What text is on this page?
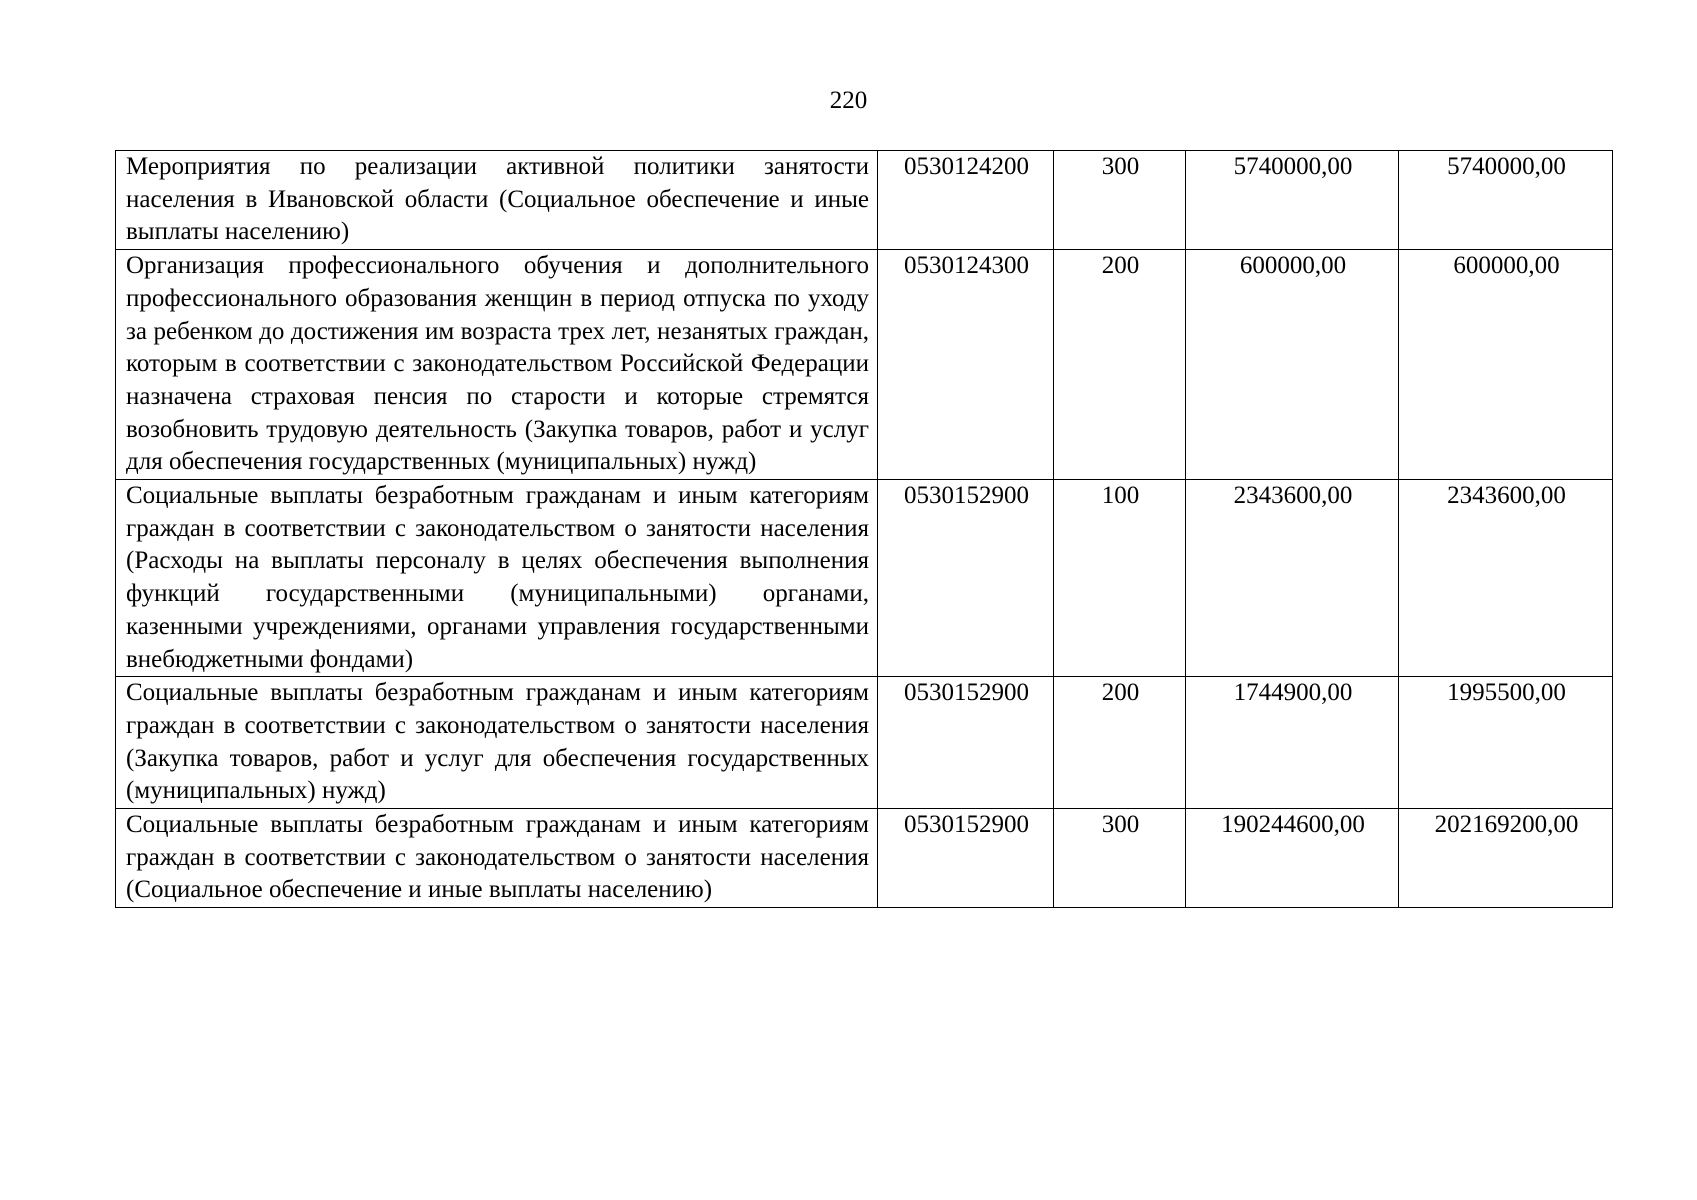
220
Мероприятия по реализации активной политики занятости населения в Ивановской области (Социальное обеспечение и иные выплаты населению)	0530124200	300	5740000,00	5740000,00
Организация профессионального обучения и дополнительного профессионального образования женщин в период отпуска по уходу за ребенком до достижения им возраста трех лет, незанятых граждан, которым в соответствии с законодательством Российской Федерации назначена страховая пенсия по старости и которые стремятся возобновить трудовую деятельность (Закупка товаров, работ и услуг для обеспечения государственных (муниципальных) нужд)	0530124300	200	600000,00	600000,00
Социальные выплаты безработным гражданам и иным категориям граждан в соответствии с законодательством о занятости населения (Расходы на выплаты персоналу в целях обеспечения выполнения функций государственными (муниципальными) органами, казенными учреждениями, органами управления государственными внебюджетными фондами)	0530152900	100	2343600,00	2343600,00
Социальные выплаты безработным гражданам и иным категориям граждан в соответствии с законодательством о занятости населения (Закупка товаров, работ и услуг для обеспечения государственных (муниципальных) нужд)	0530152900	200	1744900,00	1995500,00
Социальные выплаты безработным гражданам и иным категориям граждан в соответствии с законодательством о занятости населения (Социальное обеспечение и иные выплаты населению)	0530152900	300	190244600,00	202169200,00
